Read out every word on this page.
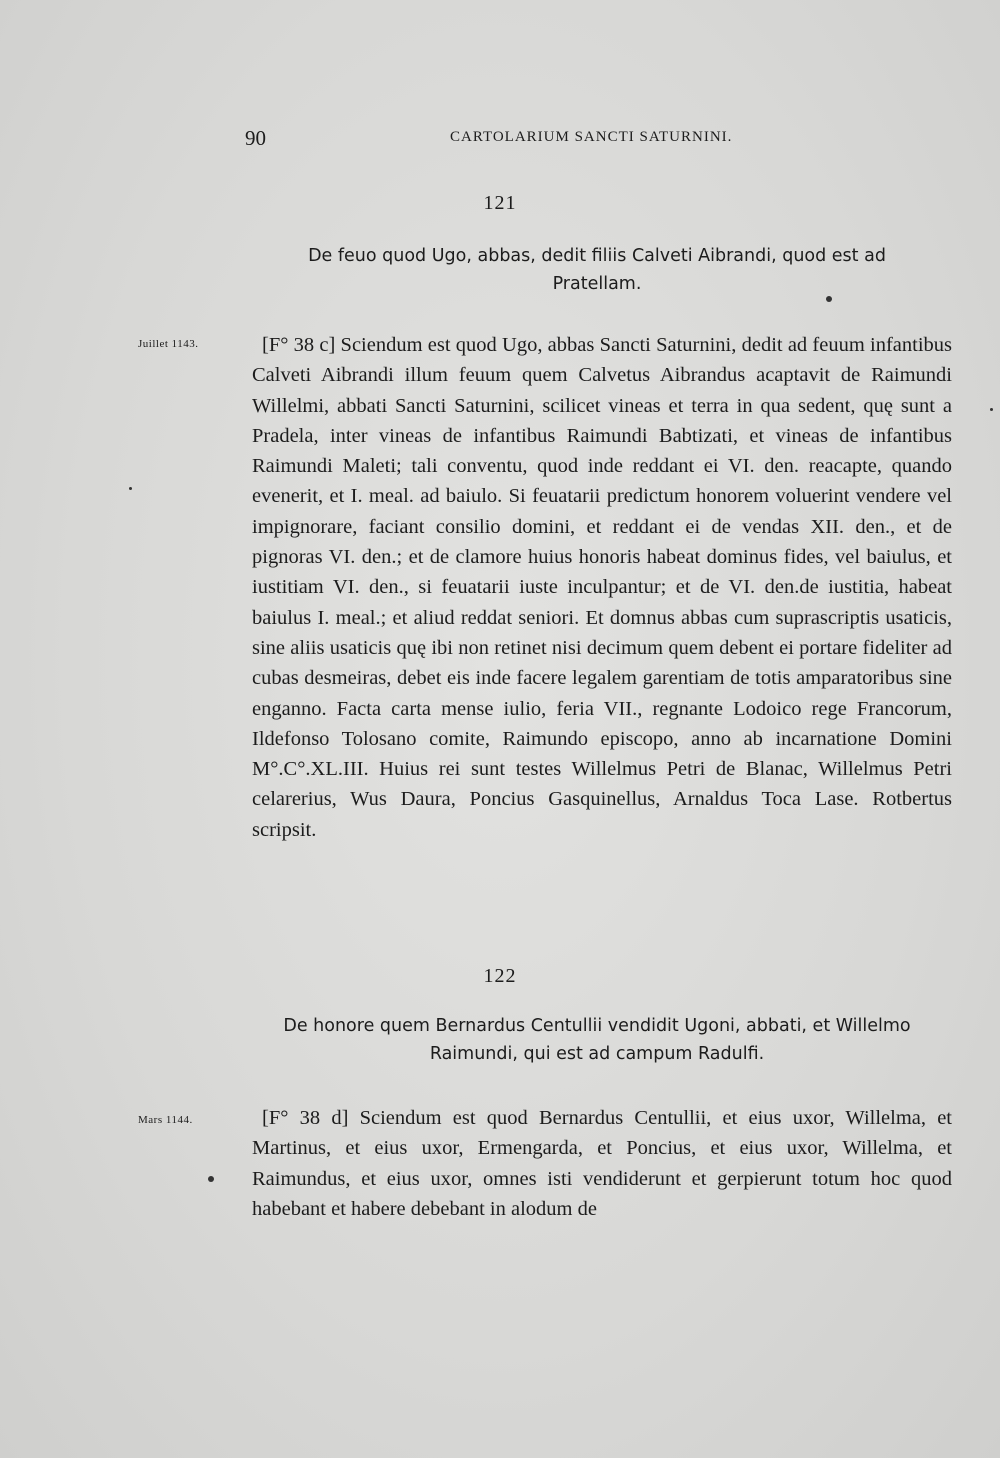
90	CARTOLARIUM SANCTI SATURNINI.
121
De feuo quod Ugo, abbas, dedit filiis Calveti Aibrandi, quod est ad Pratellam.
Juillet 1143.	[F° 38 c] Sciendum est quod Ugo, abbas Sancti Saturnini, dedit ad feuum infantibus Calveti Aibrandi illum feuum quem Calvetus Aibrandus acaptavit de Raimundi Willelmi, abbati Sancti Saturnini, scilicet vineas et terra in qua sedent, quę sunt a Pradela, inter vineas de infantibus Raimundi Babtizati, et vineas de infantibus Raimundi Maleti; tali conventu, quod inde reddant ei VI. den. reacapte, quando evenerit, et I. meal. ad baiulo. Si feuatarii predictum honorem voluerint vendere vel impignorare, faciant consilio domini, et reddant ei de vendas XII. den., et de pignoras VI. den.; et de clamore huius honoris habeat dominus fides, vel baiulus, et iustitiam VI. den., si feuatarii iuste inculpantur; et de VI. den.de iustitia, habeat baiulus I. meal.; et aliud reddat seniori. Et domnus abbas cum suprascriptis usaticis, sine aliis usaticis quę ibi non retinet nisi decimum quem debent ei portare fideliter ad cubas desmeiras, debet eis inde facere legalem garentiam de totis amparatoribus sine enganno. Facta carta mense iulio, feria VII., regnante Lodoico rege Francorum, Ildefonso Tolosano comite, Raimundo episcopo, anno ab incarnatione Domini M°.C°.XL.III. Huius rei sunt testes Willelmus Petri de Blanac, Willelmus Petri celarerius, Wus Daura, Poncius Gasquinellus, Arnaldus Toca Lase. Rotbertus scripsit.

122
De honore quem Bernardus Centullii vendidit Ugoni, abbati, et Willelmo Raimundi, qui est ad campum Radulfi.
Mars 1144.	[F° 38 d] Sciendum est quod Bernardus Centullii, et eius uxor, Willelma, et Martinus, et eius uxor, Ermengarda, et Poncius, et eius uxor, Willelma, et Raimundus, et eius uxor, omnes isti vendiderunt et gerpierunt totum hoc quod habebant et habere debebant in alodum de
